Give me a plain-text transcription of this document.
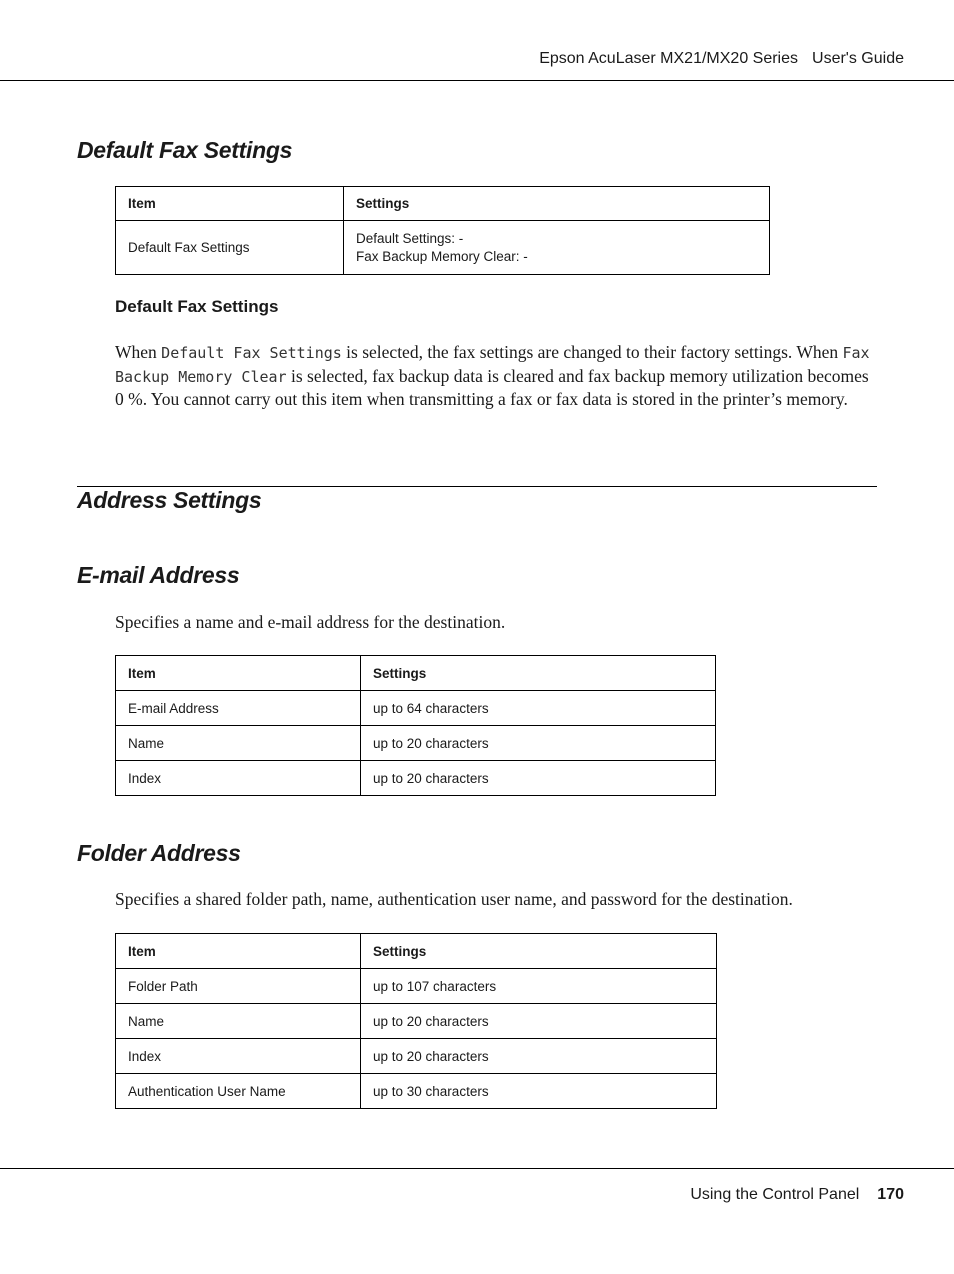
Epson AcuLaser MX21/MX20 Series User's Guide
Default Fax Settings
Item	Settings
Default Fax Settings	Default Settings: -
Fax Backup Memory Clear: -
Default Fax Settings

When Default Fax Settings is selected, the fax settings are changed to their factory settings. When Fax Backup Memory Clear is selected, fax backup data is cleared and fax backup memory utilization becomes 0 %. You cannot carry out this item when transmitting a fax or fax data is stored in the printer’s memory.

Address Settings
E-mail Address

Specifies a name and e-mail address for the destination.

Item	Settings
E-mail Address	up to 64 characters
Name	up to 20 characters
Index	up to 20 characters
Folder Address

Specifies a shared folder path, name, authentication user name, and password for the destination.

Item	Settings
Folder Path	up to 107 characters
Name	up to 20 characters
Index	up to 20 characters
Authentication User Name	up to 30 characters
Using the Control Panel 170
